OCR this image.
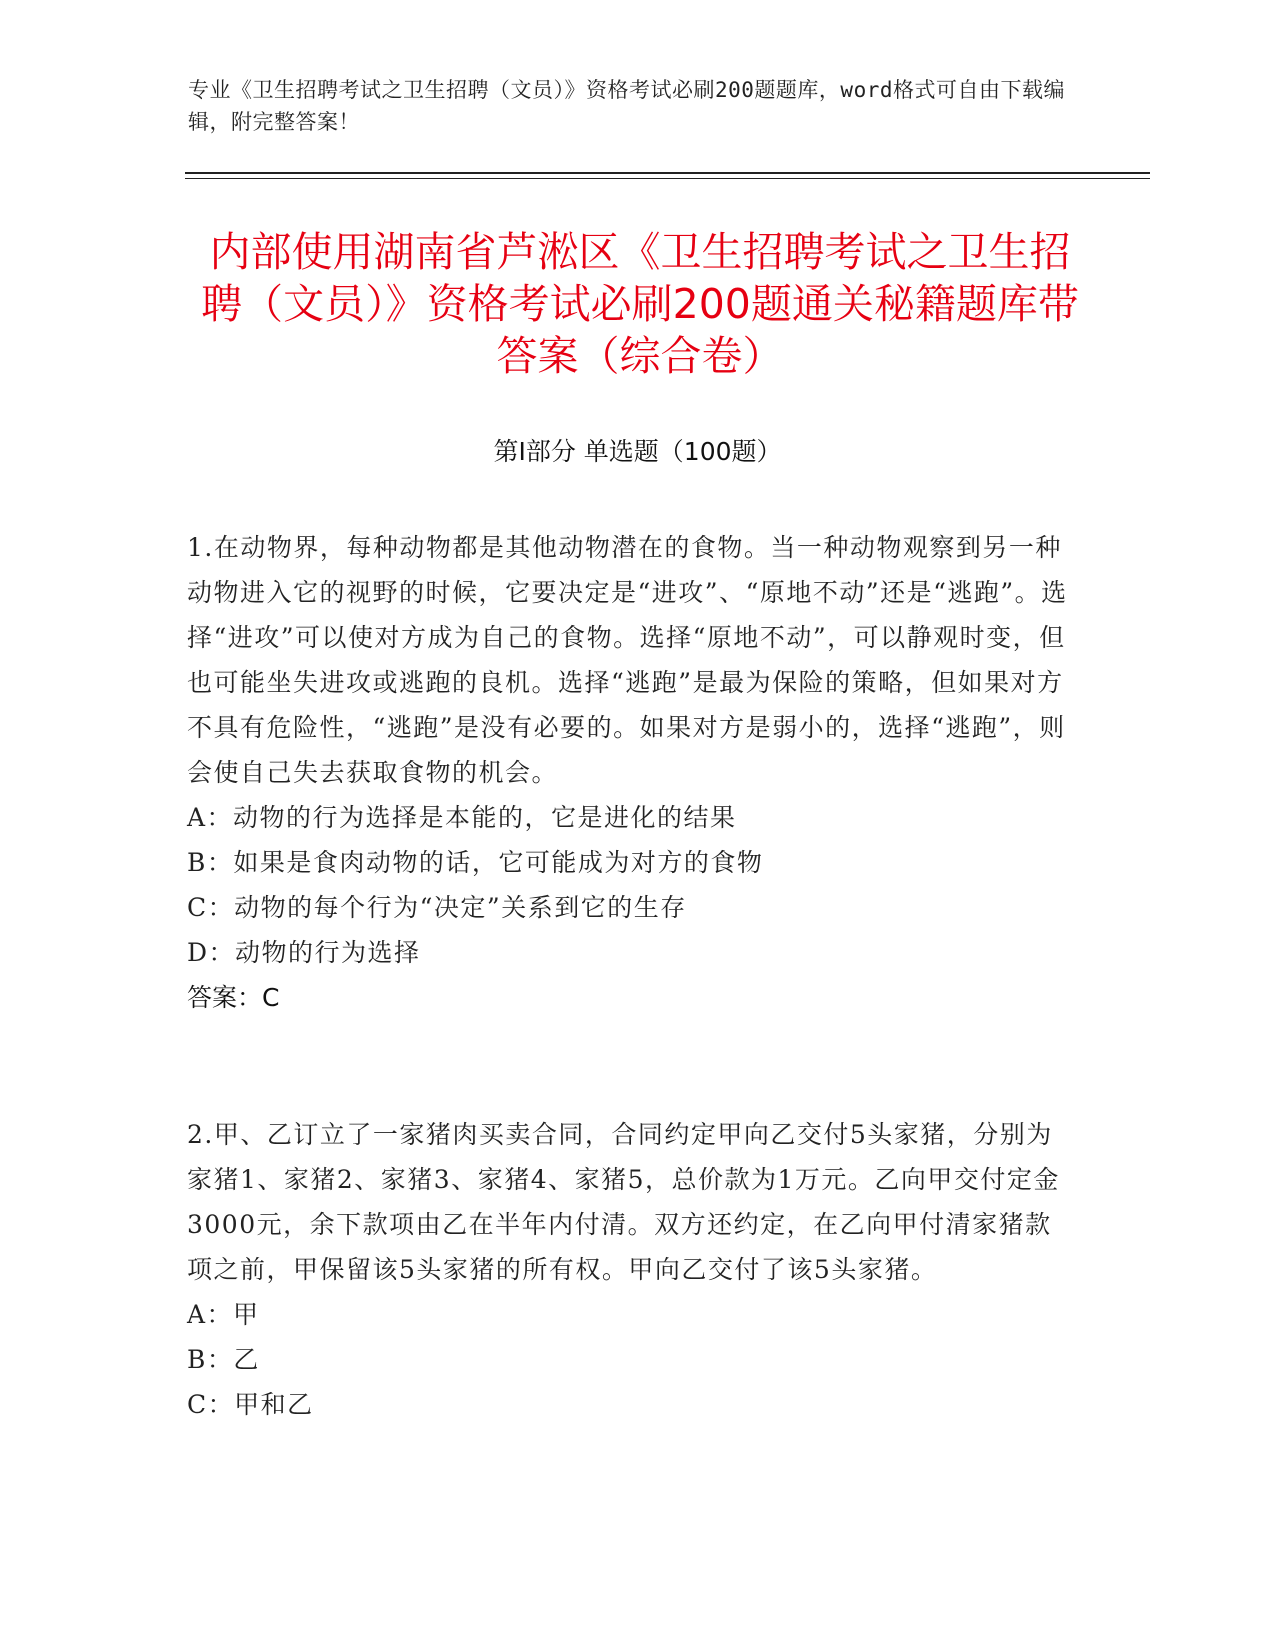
专业《卫生招聘考试之卫生招聘（文员）》资格考试必刷200题题库，word格式可自由下载编辑，附完整答案！
内部使用湖南省芦淞区《卫生招聘考试之卫生招聘（文员）》资格考试必刷200题通关秘籍题库带答案（综合卷）
第Ⅰ部分 单选题（100题）

1.在动物界，每种动物都是其他动物潜在的食物。当一种动物观察到另一种动物进入它的视野的时候，它要决定是“进攻”、“原地不动”还是“逃跑”。选择“进攻”可以使对方成为自己的食物。选择“原地不动”，可以静观时变，但也可能坐失进攻或逃跑的良机。选择“逃跑”是最为保险的策略，但如果对方不具有危险性，“逃跑”是没有必要的。如果对方是弱小的，选择“逃跑”，则会使自己失去获取食物的机会。

A：动物的行为选择是本能的，它是进化的结果

B：如果是食肉动物的话，它可能成为对方的食物

C：动物的每个行为“决定”关系到它的生存

D：动物的行为选择

答案：C

2.甲、乙订立了一家猪肉买卖合同，合同约定甲向乙交付5头家猪，分别为家猪1、家猪2、家猪3、家猪4、家猪5，总价款为1万元。乙向甲交付定金3000元，余下款项由乙在半年内付清。双方还约定，在乙向甲付清家猪款项之前，甲保留该5头家猪的所有权。甲向乙交付了该5头家猪。

A：甲

B：乙

C：甲和乙
